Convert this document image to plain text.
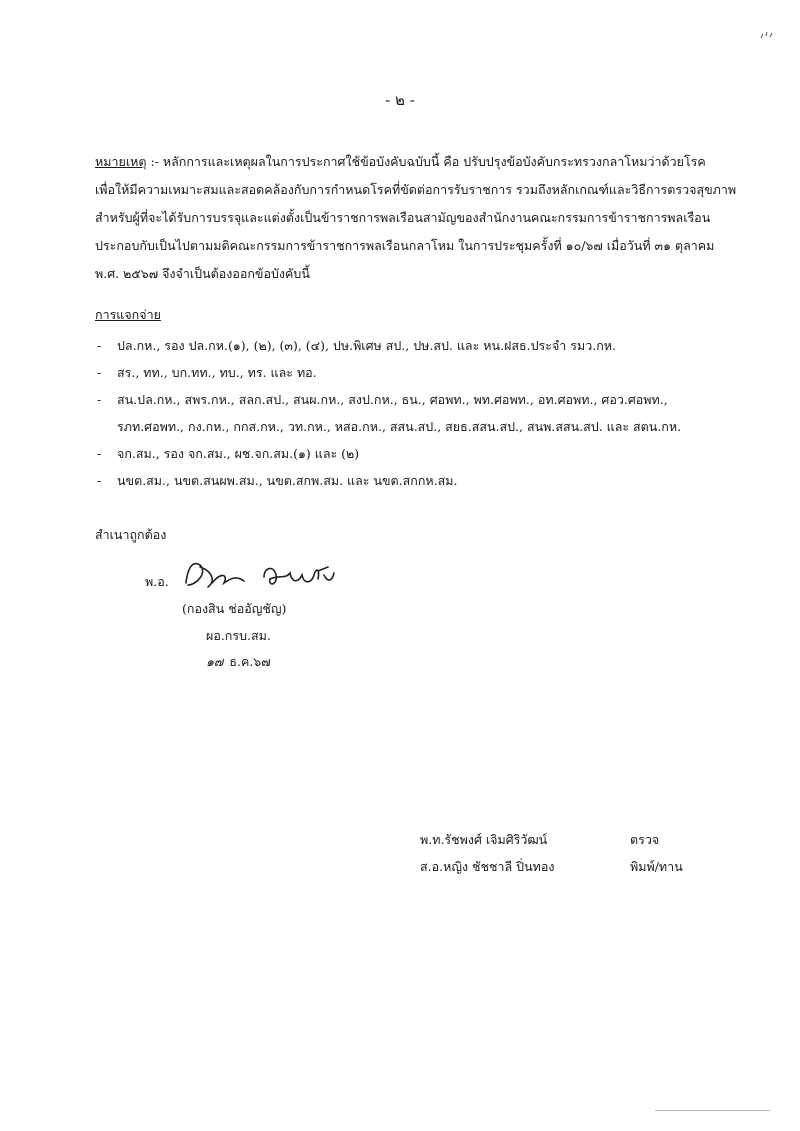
- ๒ -
หมายเหตุ :- หลักการและเหตุผลในการประกาศใช้ข้อบังคับฉบับนี้ คือ ปรับปรุงข้อบังคับกระทรวงกลาโหมว่าด้วยโรค
เพื่อให้มีความเหมาะสมและสอดคล้องกับการกำหนดโรคที่ขัดต่อการรับราชการ รวมถึงหลักเกณฑ์และวิธีการตรวจสุขภาพ
สำหรับผู้ที่จะได้รับการบรรจุและแต่งตั้งเป็นข้าราชการพลเรือนสามัญของสำนักงานคณะกรรมการข้าราชการพลเรือน
ประกอบกับเป็นไปตามมติคณะกรรมการข้าราชการพลเรือนกลาโหม ในการประชุมครั้งที่ ๑๐/๖๗ เมื่อวันที่ ๓๑ ตุลาคม
พ.ศ. ๒๕๖๗ จึงจำเป็นต้องออกข้อบังคับนี้
การแจกจ่าย
- ปล.กห., รอง ปล.กห.(๑), (๒), (๓), (๔), ปษ.พิเศษ สป., ปษ.สป. และ หน.ฝสธ.ประจำ รมว.กห.
- สร., ทท., บก.ทท., ทบ., ทร. และ ทอ.
- สน.ปล.กห., สพร.กห., สลก.สป., สนผ.กห., สงป.กห., ธน., ศอพท., พท.ศอพท., อท.ศอพท., ศอว.ศอพท.,
รภท.ศอพท., กง.กห., กกส.กห., วท.กห., หสอ.กห., สสน.สป., สยธ.สสน.สป., สนพ.สสน.สป. และ สตน.กห.
- จก.สม., รอง จก.สม., ผช.จก.สม.(๑) และ (๒)
- นขต.สม., นขต.สนผพ.สม., นขต.สกพ.สม. และ นขต.สกกห.สม.
สำเนาถูกต้อง
พ.อ.
(กองสิน ช่ออัญชัญ)
ผอ.กรบ.สม.
๑๗ ธ.ค.๖๗
พ.ท.รัชพงศ์ เจิมศิริวัฒน์	ตรวจ
ส.อ.หญิง ชัชชาลี ปิ่นทอง	พิมพ์/ทาน
